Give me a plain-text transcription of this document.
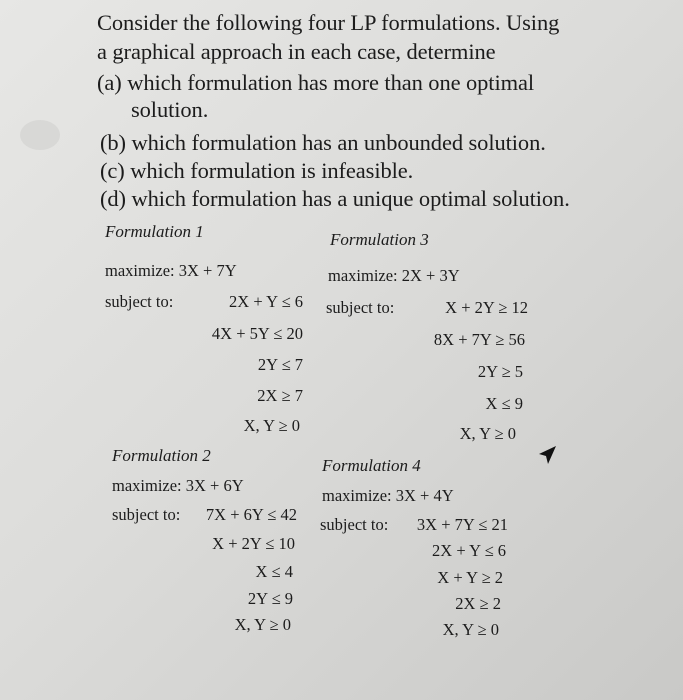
Consider the following four LP formulations. Using
a graphical approach in each case, determine
(a) which formulation has more than one optimal
solution.
(b) which formulation has an unbounded solution.
(c) which formulation is infeasible.
(d) which formulation has a unique optimal solution.
Formulation 1
maximize: 3X + 7Y
subject to:	2X + Y ≤ 6
4X + 5Y ≤ 20
2Y ≤ 7
2X ≥ 7
X, Y ≥ 0
Formulation 3
maximize: 2X + 3Y
subject to:	X + 2Y ≥ 12
8X + 7Y ≥ 56
2Y ≥ 5
X ≤ 9
X, Y ≥ 0
Formulation 2
maximize: 3X + 6Y
subject to: 7X + 6Y ≤ 42
X + 2Y ≤ 10
X ≤ 4
2Y ≤ 9
X, Y ≥ 0
Formulation 4
maximize: 3X + 4Y
subject to: 3X + 7Y ≤ 21
2X + Y ≤ 6
X + Y ≥ 2
2X ≥ 2
X, Y ≥ 0
